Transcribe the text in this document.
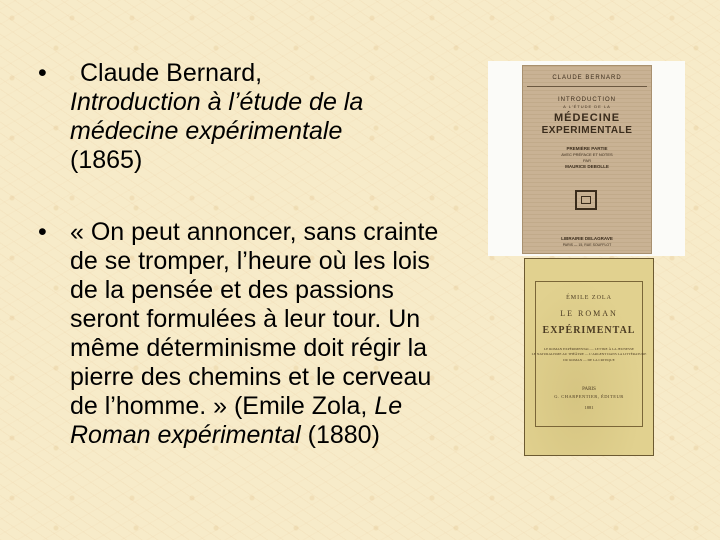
• Claude Bernard,
Introduction à l’étude de la médecine expérimentale
(1865)
• « On peut annoncer, sans crainte de se tromper, l’heure où les lois de la pensée et des passions seront formulées à leur tour. Un même déterminisme doit régir la pierre des chemins et le cerveau de l’homme. » (Emile Zola, Le Roman expérimental (1880)
CLAUDE BERNARD
INTRODUCTION
A L’ÉTUDE DE LA
MÉDECINE
EXPERIMENTALE
PREMIÈRE PARTIE
AVEC PRÉFACE ET NOTES
PAR
MAURICE DEBOLLE
LIBRAIRIE DELAGRAVE
PARIS — 15, RUE SOUFFLOT
ÉMILE ZOLA
LE ROMAN
EXPÉRIMENTAL
LE ROMAN EXPÉRIMENTAL — LETTRE À LA JEUNESSE
LE NATURALISME AU THÉÂTRE — L’ARGENT DANS LA LITTÉRATURE
DU ROMAN — DE LA CRITIQUE
PARIS
G. CHARPENTIER, ÉDITEUR
1881
